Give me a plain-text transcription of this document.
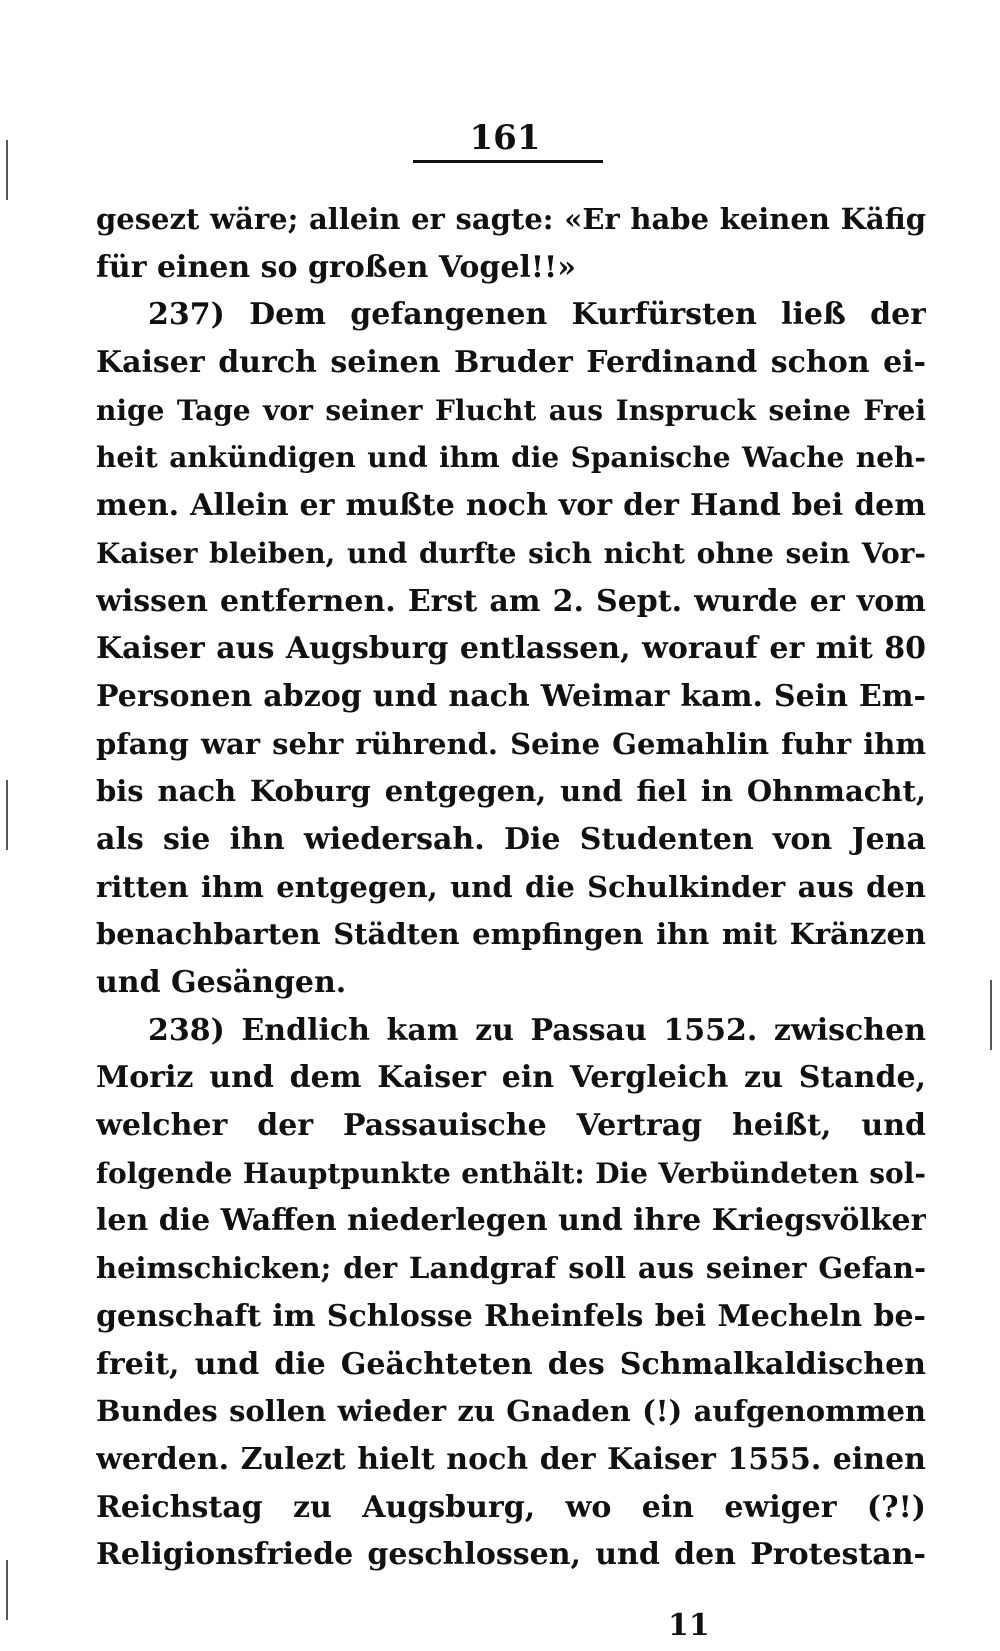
161
gesezt wäre; allein er sagte: «Er habe keinen Käfig
für einen so großen Vogel!!»
237) Dem gefangenen Kurfürsten ließ der
Kaiser durch seinen Bruder Ferdinand schon ei-
nige Tage vor seiner Flucht aus Inspruck seine Frei
heit ankündigen und ihm die Spanische Wache neh-
men. Allein er mußte noch vor der Hand bei dem
Kaiser bleiben, und durfte sich nicht ohne sein Vor-
wissen entfernen. Erst am 2. Sept. wurde er vom
Kaiser aus Augsburg entlassen, worauf er mit 80
Personen abzog und nach Weimar kam. Sein Em-
pfang war sehr rührend. Seine Gemahlin fuhr ihm
bis nach Koburg entgegen, und fiel in Ohnmacht,
als sie ihn wiedersah. Die Studenten von Jena
ritten ihm entgegen, und die Schulkinder aus den
benachbarten Städten empfingen ihn mit Kränzen
und Gesängen.
238) Endlich kam zu Passau 1552. zwischen
Moriz und dem Kaiser ein Vergleich zu Stande,
welcher der Passauische Vertrag heißt, und
folgende Hauptpunkte enthält: Die Verbündeten sol-
len die Waffen niederlegen und ihre Kriegsvölker
heimschicken; der Landgraf soll aus seiner Gefan-
genschaft im Schlosse Rheinfels bei Mecheln be-
freit, und die Geächteten des Schmalkaldischen
Bundes sollen wieder zu Gnaden (!) aufgenommen
werden. Zulezt hielt noch der Kaiser 1555. einen
Reichstag zu Augsburg, wo ein ewiger (?!)
Religionsfriede geschlossen, und den Protestan-
11
